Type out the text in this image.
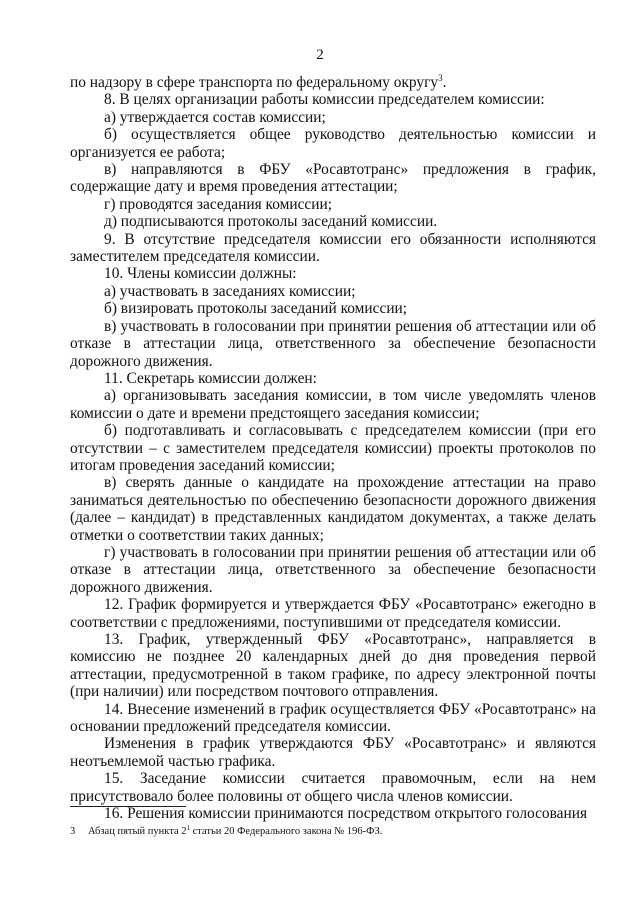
2

по надзору в сфере транспорта по федеральному округу$^3$.

8. В целях организации работы комиссии председателем комиссии:

а) утверждается состав комиссии;

б) осуществляется общее руководство деятельностью комиссии и организуется ее работа;

в) направляются в ФБУ «Росавтотранс» предложения в график, содержащие дату и время проведения аттестации;

г) проводятся заседания комиссии;

д) подписываются протоколы заседаний комиссии.

9. В отсутствие председателя комиссии его обязанности исполняются заместителем председателя комиссии.

10. Члены комиссии должны:

а) участвовать в заседаниях комиссии;

б) визировать протоколы заседаний комиссии;

в) участвовать в голосовании при принятии решения об аттестации или об отказе в аттестации лица, ответственного за обеспечение безопасности дорожного движения.

11. Секретарь комиссии должен:

а) организовывать заседания комиссии, в том числе уведомлять членов комиссии о дате и времени предстоящего заседания комиссии;

б) подготавливать и согласовывать с председателем комиссии (при его отсутствии – с заместителем председателя комиссии) проекты протоколов по итогам проведения заседаний комиссии;

в) сверять данные о кандидате на прохождение аттестации на право заниматься деятельностью по обеспечению безопасности дорожного движения (далее – кандидат) в представленных кандидатом документах, а также делать отметки о соответствии таких данных;

г) участвовать в голосовании при принятии решения об аттестации или об отказе в аттестации лица, ответственного за обеспечение безопасности дорожного движения.

12. График формируется и утверждается ФБУ «Росавтотранс» ежегодно в соответствии с предложениями, поступившими от председателя комиссии.

13. График, утвержденный ФБУ «Росавтотранс», направляется в комиссию не позднее 20 календарных дней до дня проведения первой аттестации, предусмотренной в таком графике, по адресу электронной почты (при наличии) или посредством почтового отправления.

14. Внесение изменений в график осуществляется ФБУ «Росавтотранс» на основании предложений председателя комиссии.

Изменения в график утверждаются ФБУ «Росавтотранс» и являются неотъемлемой частью графика.

15. Заседание комиссии считается правомочным, если на нем присутствовало более половины от общего числа членов комиссии.

16. Решения комиссии принимаются посредством открытого голосования

3 Абзац пятый пункта $2^1$ статьи 20 Федерального закона № 196-ФЗ.
